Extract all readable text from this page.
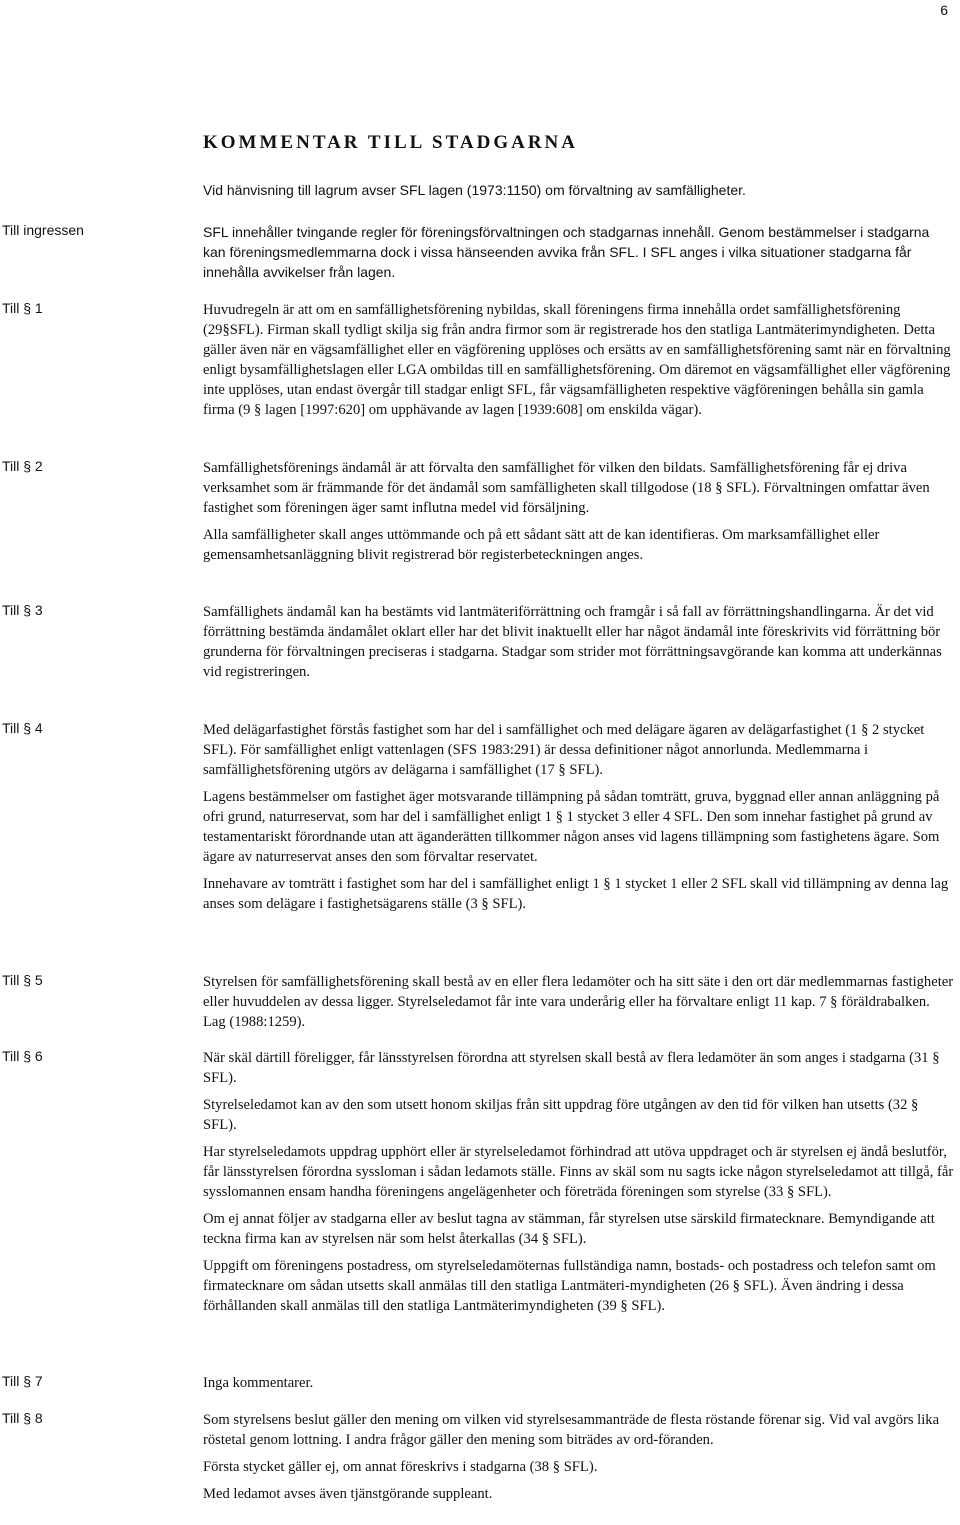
6
KOMMENTAR TILL STADGARNA
Vid hänvisning till lagrum avser SFL lagen (1973:1150) om förvaltning av samfälligheter.
Till ingressen	SFL innehåller tvingande regler för föreningsförvaltningen och stadgarnas innehåll. Genom bestämmelser i stadgarna kan föreningsmedlemmarna dock i vissa hänseenden avvika från SFL. I SFL anges i vilka situationer stadgarna får innehålla avvikelser från lagen.

Till § 1	Huvudregeln är att om en samfällighetsförening nybildas, skall föreningens firma innehålla ordet samfällighetsförening (29§SFL). Firman skall tydligt skilja sig från andra firmor som är registrerade hos den statliga Lantmäterimyndigheten. Detta gäller även när en vägsamfällighet eller en vägförening upplöses och ersätts av en samfällighetsförening samt när en förvaltning enligt bysamfällighetslagen eller LGA ombildas till en samfällighetsförening. Om däremot en vägsamfällighet eller vägförening inte upplöses, utan endast övergår till stadgar enligt SFL, får vägsamfälligheten respektive vägföreningen behålla sin gamla firma (9 § lagen [1997:620] om upphävande av lagen [1939:608] om enskilda vägar).

Till § 2	Samfällighetsförenings ändamål är att förvalta den samfällighet för vilken den bildats. Samfällighetsförening får ej driva verksamhet som är främmande för det ändamål som samfälligheten skall tillgodose (18 § SFL). Förvaltningen omfattar även fastighet som föreningen äger samt influtna medel vid försäljning.

Alla samfälligheter skall anges uttömmande och på ett sådant sätt att de kan identifieras. Om marksamfällighet eller gemensamhetsanläggning blivit registrerad bör registerbeteckningen anges.

Till § 3	Samfällighets ändamål kan ha bestämts vid lantmäteriförrättning och framgår i så fall av förrättningshandlingarna. Är det vid förrättning bestämda ändamålet oklart eller har det blivit inaktuellt eller har något ändamål inte föreskrivits vid förrättning bör grunderna för förvaltningen preciseras i stadgarna. Stadgar som strider mot förrättningsavgörande kan komma att underkännas vid registreringen.

Till § 4	Med delägarfastighet förstås fastighet som har del i samfällighet och med delägare ägaren av delägarfastighet (1 § 2 stycket SFL). För samfällighet enligt vattenlagen (SFS 1983:291) är dessa definitioner något annorlunda. Medlemmarna i samfällighetsförening utgörs av delägarna i samfällighet (17 § SFL).

Lagens bestämmelser om fastighet äger motsvarande tillämpning på sådan tomträtt, gruva, byggnad eller annan anläggning på ofri grund, naturreservat, som har del i samfällighet enligt 1 § 1 stycket 3 eller 4 SFL. Den som innehar fastighet på grund av testamentariskt förordnande utan att äganderätten tillkommer någon anses vid lagens tillämpning som fastighetens ägare. Som ägare av naturreservat anses den som förvaltar reservatet.

Innehavare av tomträtt i fastighet som har del i samfällighet enligt 1 § 1 stycket 1 eller 2 SFL skall vid tillämpning av denna lag anses som delägare i fastighetsägarens ställe (3 § SFL).

Till § 5	Styrelsen för samfällighetsförening skall bestå av en eller flera ledamöter och ha sitt säte i den ort där medlemmarnas fastigheter eller huvuddelen av dessa ligger. Styrelseledamot får inte vara underårig eller ha förvaltare enligt 11 kap. 7 § föräldrabalken. Lag (1988:1259).

Till § 6	När skäl därtill föreligger, får länsstyrelsen förordna att styrelsen skall bestå av flera ledamöter än som anges i stadgarna (31 § SFL).

Styrelseledamot kan av den som utsett honom skiljas från sitt uppdrag före utgången av den tid för vilken han utsetts (32 § SFL).

Har styrelseledamots uppdrag upphört eller är styrelseledamot förhindrad att utöva uppdraget och är styrelsen ej ändå beslutför, får länsstyrelsen förordna syssloman i sådan ledamots ställe. Finns av skäl som nu sagts icke någon styrelseledamot att tillgå, får sysslomannen ensam handha föreningens angelägenheter och företräda föreningen som styrelse (33 § SFL).

Om ej annat följer av stadgarna eller av beslut tagna av stämman, får styrelsen utse särskild firmatecknare. Bemyndigande att teckna firma kan av styrelsen när som helst återkallas (34 § SFL).

Uppgift om föreningens postadress, om styrelseledamöternas fullständiga namn, bostads- och postadress och telefon samt om firmatecknare om sådan utsetts skall anmälas till den statliga Lantmäteri-myndigheten (26 § SFL). Även ändring i dessa förhållanden skall anmälas till den statliga Lantmäterimyndigheten (39 § SFL).

Till § 7	Inga kommentarer.

Till § 8	Som styrelsens beslut gäller den mening om vilken vid styrelsesammanträde de flesta röstande förenar sig. Vid val avgörs lika röstetal genom lottning. I andra frågor gäller den mening som biträdes av ord-föranden.

Första stycket gäller ej, om annat föreskrivs i stadgarna (38 § SFL).

Med ledamot avses även tjänstgörande suppleant.
